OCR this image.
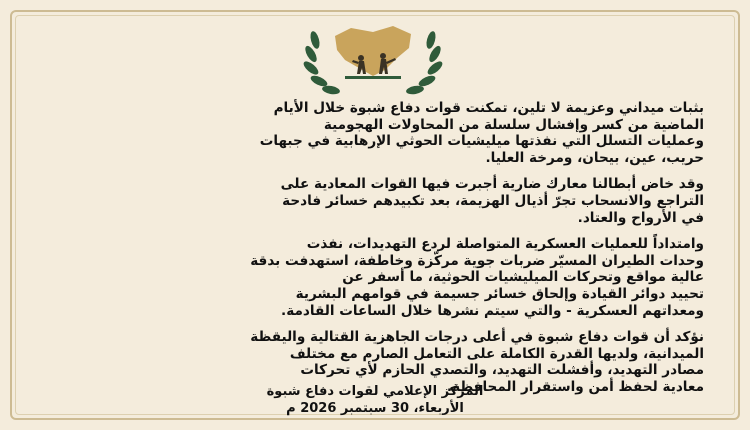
بثبات ميداني وعزيمة لا تلين، تمكنت قوات دفاع شبوة خلال الأيام
الماضية من كسر وإفشال سلسلة من المحاولات الهجومية
وعمليات التسلل التي نفذتها ميليشيات الحوثي الإرهابية في جبهات
حريب، عين، بيحان، ومرخة العليا.

وقد خاض أبطالنا معارك ضارية أجبرت فيها القوات المعادية على
التراجع والانسحاب تجرّ أذيال الهزيمة، بعد تكبيدهم خسائر فادحة
في الأرواح والعتاد.

وامتداداً للعمليات العسكرية المتواصلة لردع التهديدات، نفذت
وحدات الطيران المسيّر ضربات جوية مركّزة وخاطفة، استهدفت بدقة
عالية مواقع وتحركات الميليشيات الحوثية، ما أسفر عن
تحييد دوائر القيادة وإلحاق خسائر جسيمة في قوامهم البشرية
ومعداتهم العسكرية - والتي سيتم نشرها خلال الساعات القادمة.

نؤكد أن قوات دفاع شبوة في أعلى درجات الجاهزية القتالية واليقظة
الميدانية، ولديها القدرة الكاملة على التعامل الصارم مع مختلف
مصادر التهديد، وأفشلت التهديد، والتصدي الحازم لأي تحركات
معادية لحفظ أمن واستقرار المحافظة.

المركز الإعلامي لقوات دفاع شبوة
الأربعاء، 30 سبتمبر 2026 م
